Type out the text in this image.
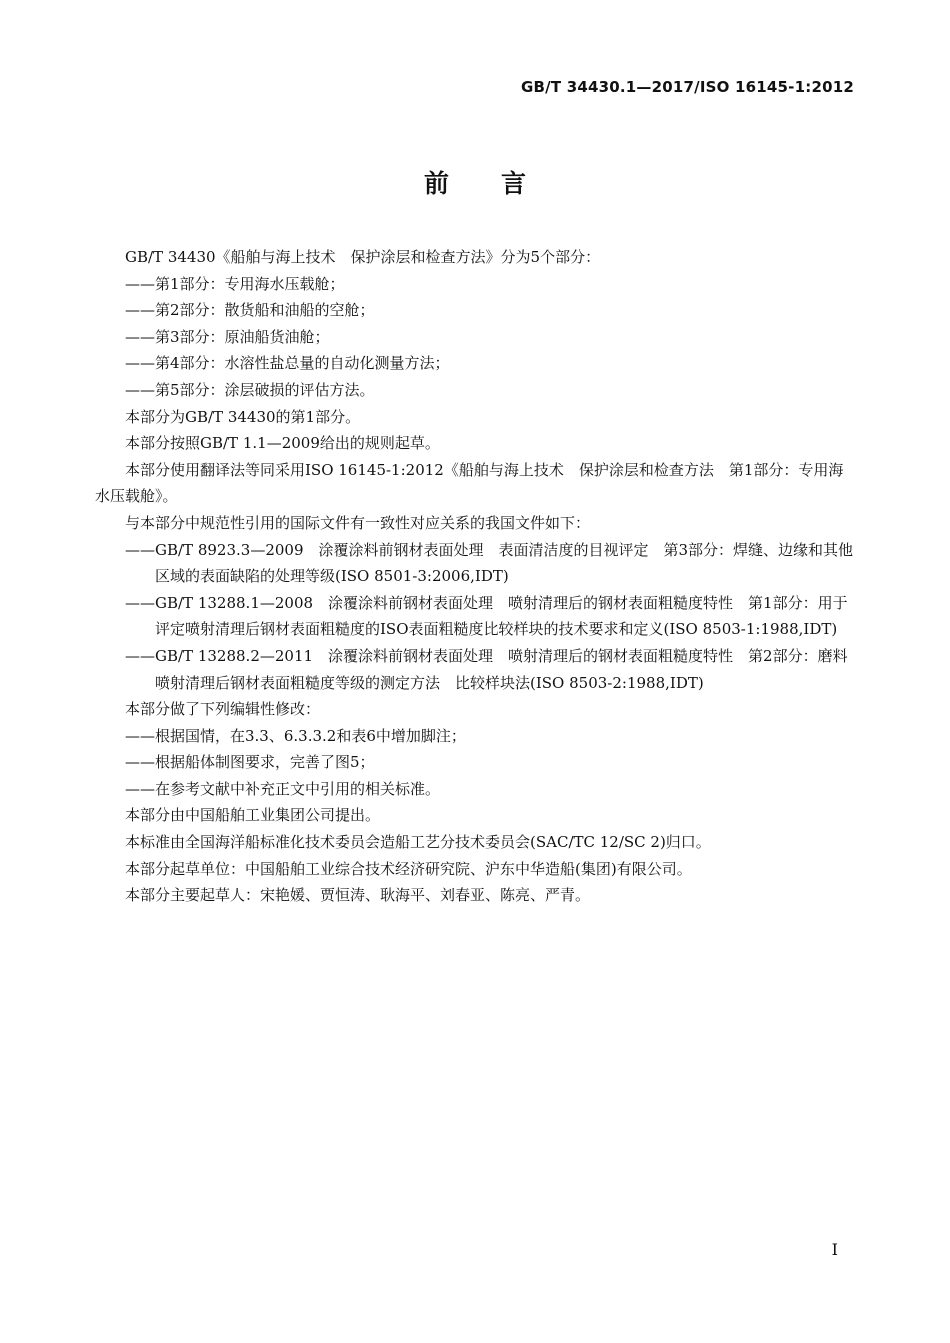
GB/T 34430.1—2017/ISO 16145-1:2012
前言

GB/T 34430《船舶与海上技术　保护涂层和检查方法》分为5个部分：

——第1部分：专用海水压载舱；

——第2部分：散货船和油船的空舱；

——第3部分：原油船货油舱；

——第4部分：水溶性盐总量的自动化测量方法；

——第5部分：涂层破损的评估方法。

本部分为GB/T 34430的第1部分。

本部分按照GB/T 1.1—2009给出的规则起草。

本部分使用翻译法等同采用ISO 16145-1:2012《船舶与海上技术　保护涂层和检查方法　第1部分：专用海水压载舱》。

与本部分中规范性引用的国际文件有一致性对应关系的我国文件如下：

——GB/T 8923.3—2009　涂覆涂料前钢材表面处理　表面清洁度的目视评定　第3部分：焊缝、边缘和其他区域的表面缺陷的处理等级(ISO 8501-3:2006,IDT)

——GB/T 13288.1—2008　涂覆涂料前钢材表面处理　喷射清理后的钢材表面粗糙度特性　第1部分：用于评定喷射清理后钢材表面粗糙度的ISO表面粗糙度比较样块的技术要求和定义(ISO 8503-1:1988,IDT)

——GB/T 13288.2—2011　涂覆涂料前钢材表面处理　喷射清理后的钢材表面粗糙度特性　第2部分：磨料喷射清理后钢材表面粗糙度等级的测定方法　比较样块法(ISO 8503-2:1988,IDT)

本部分做了下列编辑性修改：

——根据国情，在3.3、6.3.3.2和表6中增加脚注；

——根据船体制图要求，完善了图5；

——在参考文献中补充正文中引用的相关标准。

本部分由中国船舶工业集团公司提出。

本标准由全国海洋船标准化技术委员会造船工艺分技术委员会(SAC/TC 12/SC 2)归口。

本部分起草单位：中国船舶工业综合技术经济研究院、沪东中华造船(集团)有限公司。

本部分主要起草人：宋艳媛、贾恒涛、耿海平、刘春亚、陈亮、严青。

I
